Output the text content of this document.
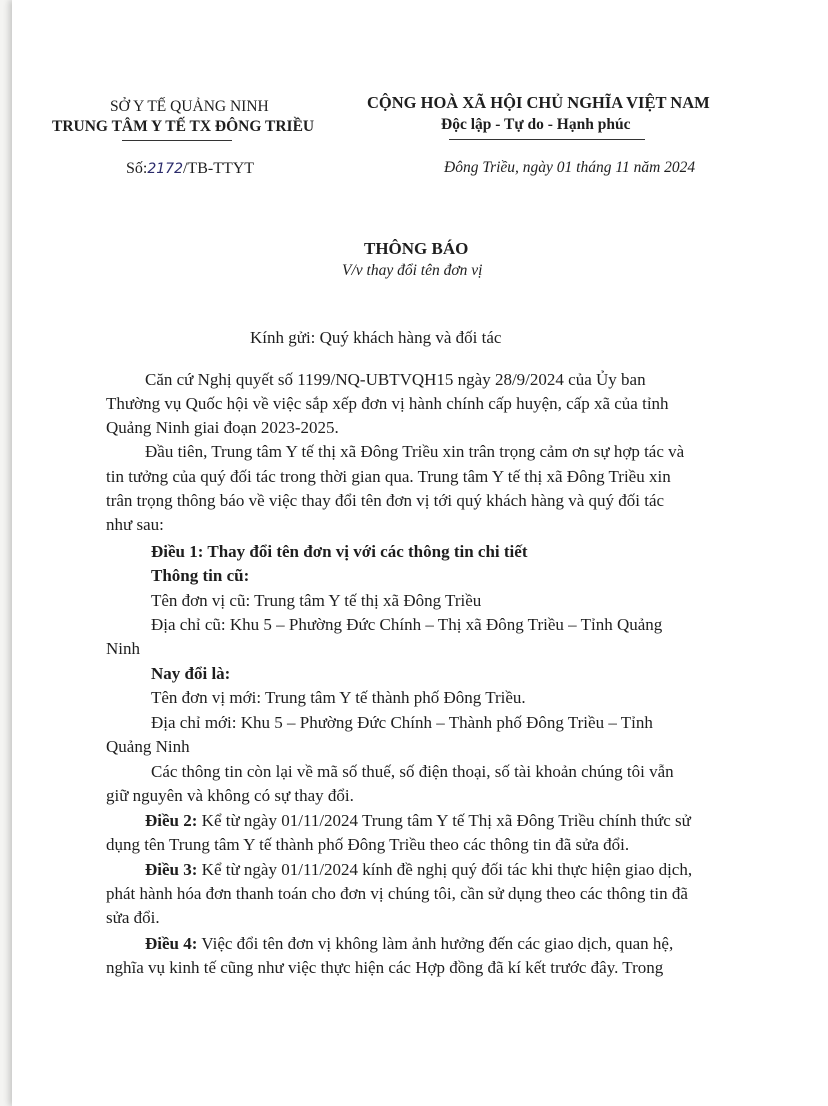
SỞ Y TẾ QUẢNG NINH
TRUNG TÂM Y TẾ TX ĐÔNG TRIỀU
Số:2172/TB-TTYT
CỘNG HOÀ XÃ HỘI CHỦ NGHĨA VIỆT NAM
Độc lập - Tự do - Hạnh phúc
Đông Triều, ngày 01 tháng 11 năm 2024
THÔNG BÁO
V/v thay đổi tên đơn vị
Kính gửi: Quý khách hàng và đối tác
Căn cứ Nghị quyết số 1199/NQ-UBTVQH15 ngày 28/9/2024 của Ủy ban
Thường vụ Quốc hội về việc sắp xếp đơn vị hành chính cấp huyện, cấp xã của tỉnh
Quảng Ninh giai đoạn 2023-2025.
Đầu tiên, Trung tâm Y tế thị xã Đông Triều xin trân trọng cảm ơn sự hợp tác và
tin tưởng của quý đối tác trong thời gian qua. Trung tâm Y tế thị xã Đông Triều xin
trân trọng thông báo về việc thay đổi tên đơn vị tới quý khách hàng và quý đối tác
như sau:
Điều 1: Thay đổi tên đơn vị với các thông tin chi tiết
Thông tin cũ:
Tên đơn vị cũ: Trung tâm Y tế thị xã Đông Triều
Địa chỉ cũ: Khu 5 – Phường Đức Chính – Thị xã Đông Triều – Tỉnh Quảng
Ninh
Nay đổi là:
Tên đơn vị mới: Trung tâm Y tế thành phố Đông Triều.
Địa chỉ mới: Khu 5 – Phường Đức Chính – Thành phố Đông Triều – Tỉnh
Quảng Ninh
Các thông tin còn lại về mã số thuế, số điện thoại, số tài khoản chúng tôi vẫn
giữ nguyên và không có sự thay đổi.
Điều 2: Kể từ ngày 01/11/2024 Trung tâm Y tế Thị xã Đông Triều chính thức sử
dụng tên Trung tâm Y tế thành phố Đông Triều theo các thông tin đã sửa đổi.
Điều 3: Kể từ ngày 01/11/2024 kính đề nghị quý đối tác khi thực hiện giao dịch,
phát hành hóa đơn thanh toán cho đơn vị chúng tôi, cần sử dụng theo các thông tin đã
sửa đổi.
Điều 4: Việc đổi tên đơn vị không làm ảnh hưởng đến các giao dịch, quan hệ,
nghĩa vụ kinh tế cũng như việc thực hiện các Hợp đồng đã kí kết trước đây. Trong
